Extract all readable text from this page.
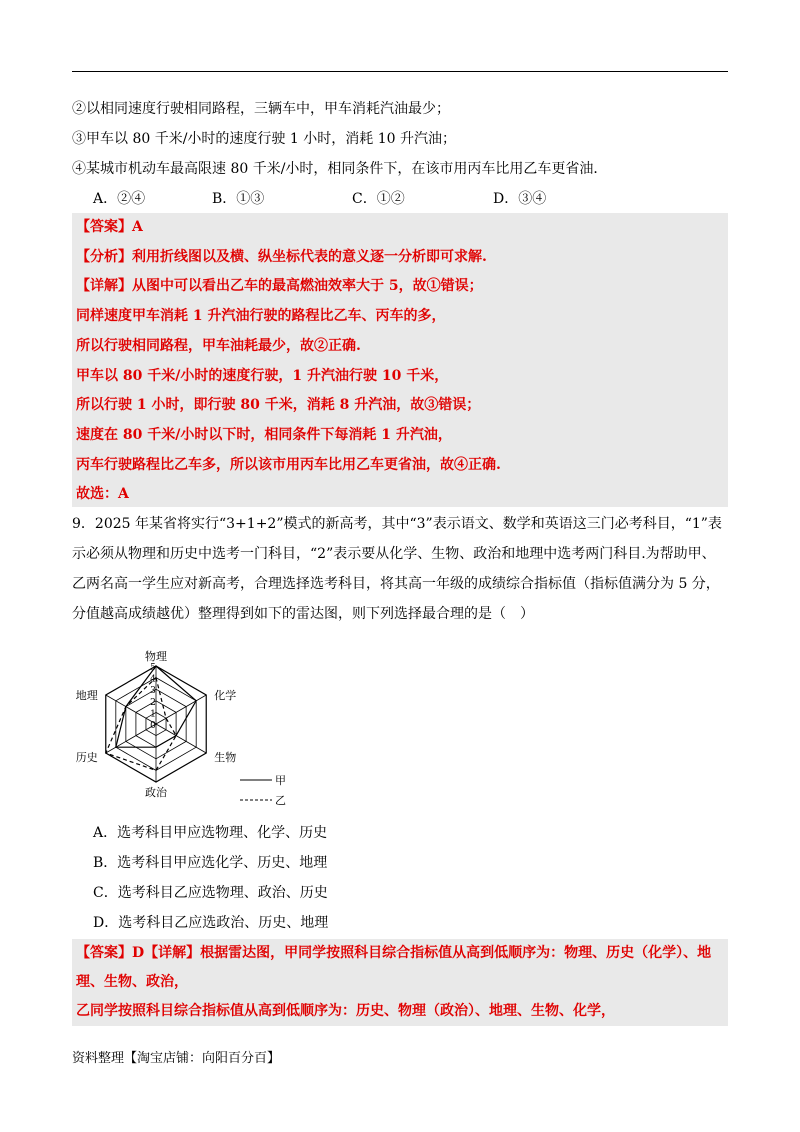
②以相同速度行驶相同路程，三辆车中，甲车消耗汽油最少；
③甲车以 80 千米/小时的速度行驶 1 小时，消耗 10 升汽油；
④某城市机动车最高限速 80 千米/小时，相同条件下，在该市用丙车比用乙车更省油．
A．②④	B．①③	C．①②	D．③④
【答案】A
【分析】利用折线图以及横、纵坐标代表的意义逐一分析即可求解.
【详解】从图中可以看出乙车的最高燃油效率大于 5，故①错误；
同样速度甲车消耗 1 升汽油行驶的路程比乙车、丙车的多，
所以行驶相同路程，甲车油耗最少，故②正确.
甲车以 80 千米/小时的速度行驶，1 升汽油行驶 10 千米，
所以行驶 1 小时，即行驶 80 千米，消耗 8 升汽油，故③错误；
速度在 80 千米/小时以下时，相同条件下每消耗 1 升汽油，
丙车行驶路程比乙车多，所以该市用丙车比用乙车更省油，故④正确.
故选：A
9．2025 年某省将实行“3+1+2”模式的新高考，其中“3”表示语文、数学和英语这三门必考科目，“1”表
示必须从物理和历史中选考一门科目，“2”表示要从化学、生物、政治和地理中选考两门科目.为帮助甲、
乙两名高一学生应对新高考，合理选择选考科目，将其高一年级的成绩综合指标值（指标值满分为 5 分，
分值越高成绩越优）整理得到如下的雷达图，则下列选择最合理的是（　）
0
1
2
3
4
5
物理
化学
生物
政治
历史
地理
甲
乙
A．选考科目甲应选物理、化学、历史
B．选考科目甲应选化学、历史、地理
C．选考科目乙应选物理、政治、历史
D．选考科目乙应选政治、历史、地理
【答案】D【详解】根据雷达图，甲同学按照科目综合指标值从高到低顺序为：物理、历史（化学）、地
理、生物、政治，
乙同学按照科目综合指标值从高到低顺序为：历史、物理（政治）、地理、生物、化学，
资料整理【淘宝店铺：向阳百分百】
